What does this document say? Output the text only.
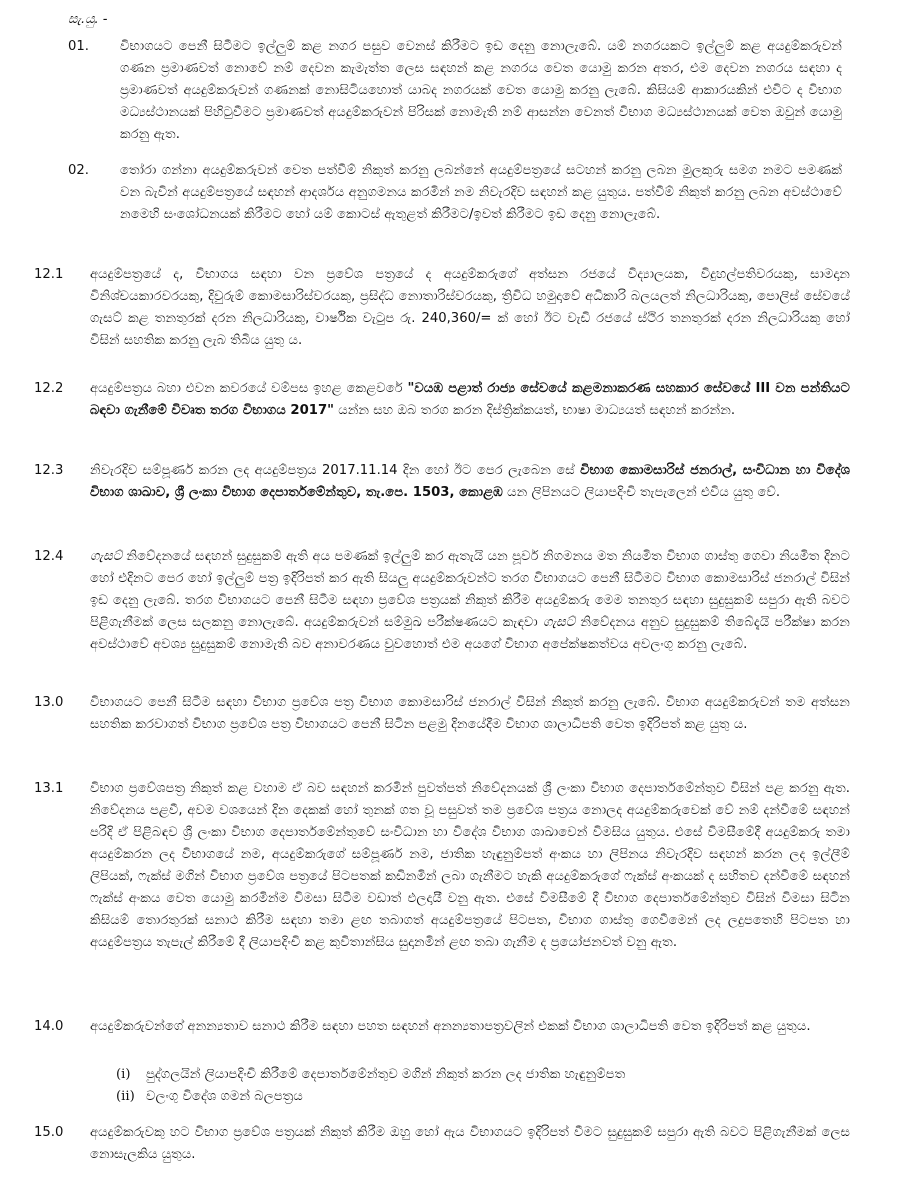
සැ.යු. -
01. විභාගයට පෙනී සිටීමට ඉල්ලුම් කළ නගර පසුව වෙනස් කිරීමට ඉඩ දෙනු නොලැබේ. යම් නගරයකට ඉල්ලුම් කළ අයදුම්කරුවන් ගණන ප්‍රමාණවත් නොවේ නම් දෙවන කැමැත්ත ලෙස සඳහන් කළ නගරය වෙත යොමු කරන අතර, එම දෙවන නගරය සඳහා ද ප්‍රමාණවත් අයදුම්කරුවන් ගණනක් නොසිටියහොත් යාබද නගරයක් වෙත යොමු කරනු ලැබේ. කිසියම් ආකාරයකින් එවිට ද විභාග මධ්‍යස්ථානයක් පිහිටුවීමට ප්‍රමාණවත් අයදුම්කරුවන් පිරිසක් නොමැති නම් ආසන්න වෙනත් විභාග මධ්‍යස්ථානයක් වෙත ඔවුන් යොමු කරනු ඇත.
02. තෝරා ගන්නා අයදුම්කරුවන් වෙත පත්වීම් නිකුත් කරනු ලබන්නේ අයදුම්පත්‍රයේ සටහන් කරනු ලබන මුලකුරු සමග නමට පමණක් වන බැවින් අයදුම්පත්‍රයේ සඳහන් ආදර්ශය අනුගමනය කරමින් නම නිවැරදිව සඳහන් කළ යුතුය. පත්වීම් නිකුත් කරනු ලබන අවස්ථාවේ නමෙහි සංශෝධනයක් කිරීමට හෝ යම් කොටස් ඇතුළත් කිරීමට/ඉවත් කිරීමට ඉඩ දෙනු නොලැබේ.
12.1 අයදුම්පත්‍රයේ ද, විභාගය සඳහා වන ප්‍රවේශ පත්‍රයේ ද අයදුම්කරුගේ අත්සන රජයේ විද්‍යාලයක, විදුහල්පතිවරයකු, සාමදාන විනිශ්චයකාරවරයකු, දිවුරුම් කොමසාරිස්වරයකු, ප්‍රසිද්ධ නොතාරිස්වරයකු, ත්‍රිවිධ හමුදාවේ අධිකාරි බලයලත් නිලධාරියකු, පොලිස් සේවයේ ගැසට් කළ තනතුරක් දරන නිලධාරියකු, වාර්ෂික වැටුප රු. 240,360/= ක් හෝ ඊට වැඩි රජයේ ස්ථිර තනතුරක් දරන නිලධාරියකු හෝ විසින් සහතික කරනු ලැබ තිබිය යුතු ය.
12.2 අයදුම්පත්‍රය බහා එවන කවරයේ වම්පස ඉහළ කෙළවරේ "වයඹ පළාත් රාජ්‍ය සේවයේ කළමනාකරණ සහකාර සේවයේ III වන පන්තියට බඳවා ගැනීමේ විවෘත තරග විභාගය 2017" යන්න සහ ඔබ තරග කරන දිස්ත්‍රික්කයත්, භාෂා මාධ්‍යයත් සඳහන් කරන්න.
12.3 නිවැරදිව සම්පූර්ණ කරන ලද අයදුම්පත්‍රය 2017.11.14 දින හෝ ඊට පෙර ලැබෙන සේ විභාග කොමසාරිස් ජනරාල්, සංවිධාන හා විදේශ විභාග ශාඛාව, ශ්‍රී ලංකා විභාග දෙපාර්තමේන්තුව, තැ.පෙ. 1503, කොළඹ යන ලිපිනයට ලියාපදිංචි තැපැලෙන් එවිය යුතු වේ.
12.4 ගැසට් නිවේදනයේ සඳහන් සුදුසුකම් ඇති අය පමණක් ඉල්ලුම් කර ඇතැයි යන පූර්ව නිගමනය මත නියමිත විභාග ගාස්තු ගෙවා නියමිත දිනට හෝ එදිනට පෙර හෝ ඉල්ලුම් පත්‍ර ඉදිරිපත් කර ඇති සියලු අයදුම්කරුවන්ට තරග විභාගයට පෙනී සිටීමට විභාග කොමසාරිස් ජනරාල් විසින් ඉඩ දෙනු ලැබේ. තරග විභාගයට පෙනී සිටීම සඳහා ප්‍රවේශ පත්‍රයක් නිකුත් කිරීම අයදුම්කරු මෙම තනතුර සඳහා සුදුසුකම් සපුරා ඇති බවට පිළිගැනීමක් ලෙස සලකනු නොලැබේ. අයදුම්කරුවන් සම්මුඛ පරීක්ෂණයට කැඳවා ගැසට් නිවේදනය අනුව සුදුසුකම් තිබේදැයි පරීක්ෂා කරන අවස්ථාවේ අවශ්‍ය සුදුසුකම් නොමැති බව අනාවරණය වුවහොත් එම අයගේ විභාග අපේක්ෂකත්වය අවලංගු කරනු ලැබේ.
13.0 විභාගයට පෙනී සිටීම සඳහා විභාග ප්‍රවේශ පත්‍ර විභාග කොමසාරිස් ජනරාල් විසින් නිකුත් කරනු ලැබේ. විභාග අයදුම්කරුවන් තම අත්සන සහතික කරවාගත් විභාග ප්‍රවේශ පත්‍ර විභාගයට පෙනී සිටින පළමු දිනයේදීම විභාග ශාලාධිපති වෙත ඉදිරිපත් කළ යුතු ය.
13.1 විභාග ප්‍රවේශපත්‍ර නිකුත් කළ වහාම ඒ බව සඳහන් කරමින් පුවත්පත් නිවේදනයක් ශ්‍රී ලංකා විභාග දෙපාර්තමේන්තුව විසින් පළ කරනු ඇත. නිවේදනය පළවී, අවම වශයෙන් දින දෙකක් හෝ තුනක් ගත වූ පසුවත් තම ප්‍රවේශ පත්‍රය නොලද අයදුම්කරුවෙක් වේ නම් දන්වීමේ සඳහන් පරිදි ඒ පිළිබඳව ශ්‍රී ලංකා විභාග දෙපාර්තමේන්තුවේ සංවිධාන හා විදේශ විභාග ශාඛාවෙන් විමසිය යුතුය. එසේ විමසීමේදී අයදුම්කරු තමා අයදුම්කරන ලද විභාගයේ නම, අයදුම්කරුගේ සම්පූර්ණ නම, ජාතික හැඳුනුම්පත් අංකය හා ලිපිනය නිවැරදිව සඳහන් කරන ලද ඉල්ලීම් ලිපියක්, ෆැක්ස් මගින් විභාග ප්‍රවේශ පත්‍රයේ පිටපතක් කඩිනමින් ලබා ගැනීමට හැකි අයදුම්කරුගේ ෆැක්ස් අංකයක් ද සහිතව දන්වීමේ සඳහන් ෆැක්ස් අංකය වෙත යොමු කරමින්ම විමසා සිටීම වඩාත් ඵලදායී වනු ඇත. එසේ විමසීමේ දී විභාග දෙපාර්තමේන්තුව විසින් විමසා සිටින කිසියම් තොරතුරක් සනාථ කිරීම සඳහා තමා ළඟ තබාගත් අයදුම්පත්‍රයේ පිටපත, විභාග ගාස්තු ගෙවීමෙන් ලද ලදුපතෙහි පිටපත හා අයදුම්පත්‍රය තැපැල් කිරීමේ දී ලියාපදිංචි කළ කුවිතාන්සිය සුදානමින් ළඟ තබා ගැනීම ද ප්‍රයෝජනවත් වනු ඇත.
14.0 අයදුම්කරුවන්ගේ අනන්‍යතාව සනාථ කිරීම සඳහා පහත සඳහන් අනන්‍යතාපත්‍රවලින් එකක් විභාග ශාලාධිපති වෙත ඉදිරිපත් කළ යුතුය.
(i) පුද්ගලයින් ලියාපදිංචි කිරීමේ දෙපාර්තමේන්තුව මගින් නිකුත් කරන ලද ජාතික හැඳුනුම්පත
(ii) වලංගු විදේශ ගමන් බලපත්‍රය
15.0 අයදුම්කරුවකු හට විභාග ප්‍රවේශ පත්‍රයක් නිකුත් කිරීම ඔහු හෝ ඇය විභාගයට ඉදිරිපත් වීමට සුදුසුකම් සපුරා ඇති බවට පිළිගැනීමක් ලෙස නොසැලකිය යුතුය.
